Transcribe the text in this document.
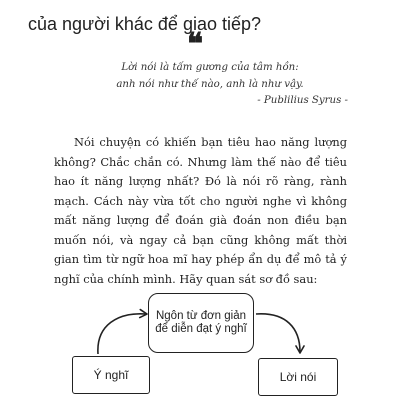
của người khác để giao tiếp?
❝
Lời nói là tấm gương của tâm hồn:
anh nói như thế nào, anh là như vậy.
- Publilius Syrus -

Nói chuyện có khiến bạn tiêu hao năng lượng không? Chắc chắn có. Nhưng làm thế nào để tiêu hao ít năng lượng nhất? Đó là nói rõ ràng, rành mạch. Cách này vừa tốt cho người nghe vì không mất năng lượng để đoán già đoán non điều bạn muốn nói, và ngay cả bạn cũng không mất thời gian tìm từ ngữ hoa mĩ hay phép ẩn dụ để mô tả ý nghĩ của chính mình. Hãy quan sát sơ đồ sau:

Ngôn từ đơn giản để diễn đạt ý nghĩ
Ý nghĩ	Lời nói
